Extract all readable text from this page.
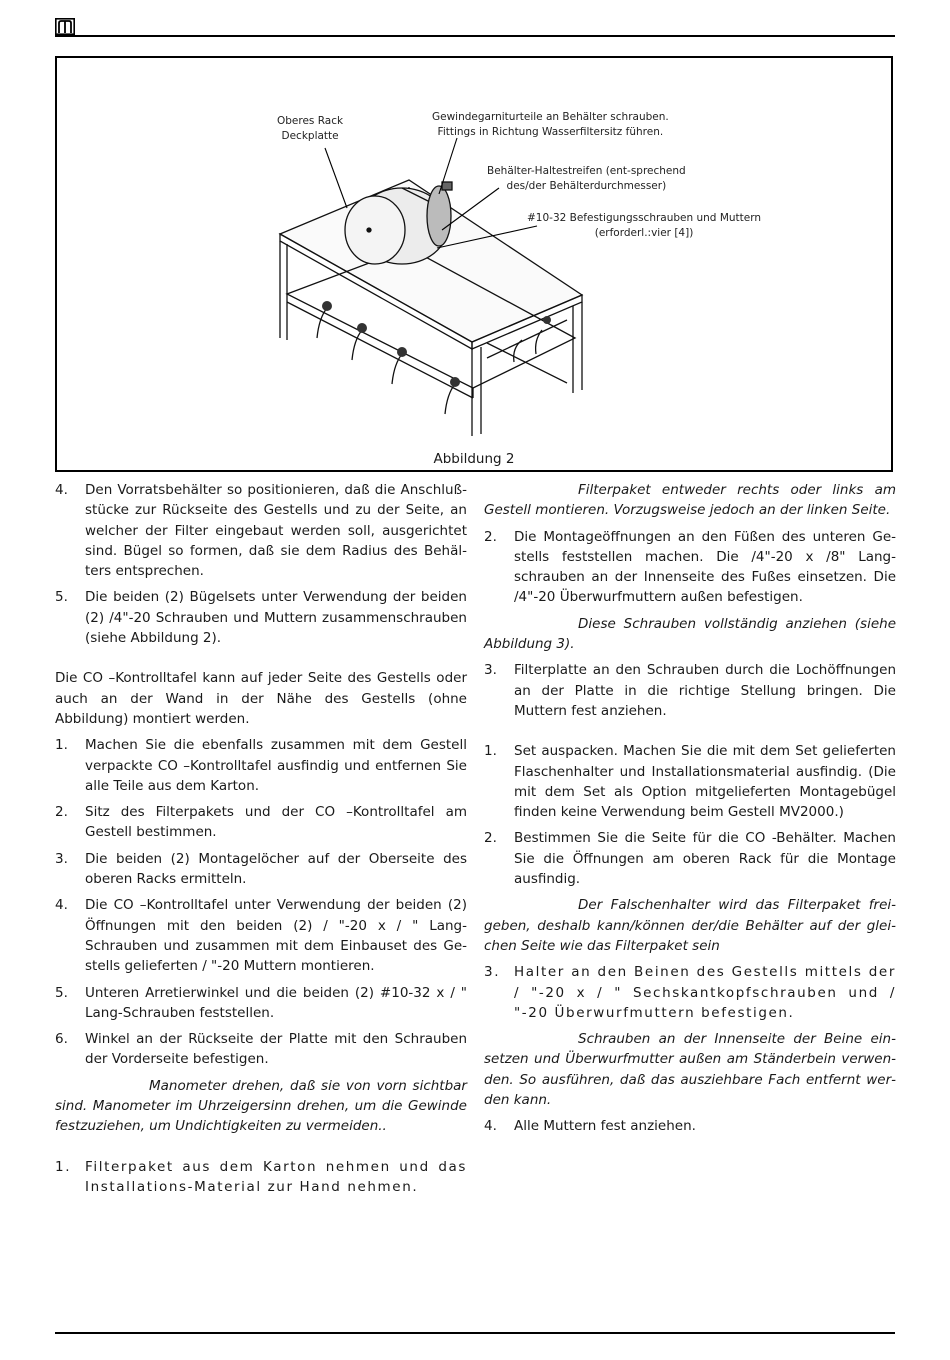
Oberes Rack
Deckplatte
Gewindegarniturteile an Behälter schrauben.
Fittings in Richtung Wasserfiltersitz führen.
Behälter-Haltestreifen (ent-sprechend
des/der Behälterdurchmesser)
#10-32 Befestigungsschrauben und Muttern
(erforderl.:vier [4])
Abbildung 2
4. Den Vorratsbehälter so positionieren, daß die Anschlußstücke zur Rückseite des Gestells und zu der Seite, an welcher der Filter eingebaut werden soll, ausgerichtet sind. Bügel so formen, daß sie dem Radius des Behälters entsprechen.
5. Die beiden (2) Bügelsets unter Verwendung der beiden (2) /4"-20 Schrauben und Muttern zusammenschrauben (siehe Abbildung 2).

Die CO –Kontrolltafel kann auf jeder Seite des Gestells oder auch an der Wand in der Nähe des Gestells (ohne Abbildung) montiert werden.

1. Machen Sie die ebenfalls zusammen mit dem Gestell verpackte CO –Kontrolltafel ausfindig und entfernen Sie alle Teile aus dem Karton.
2. Sitz des Filterpakets und der CO –Kontrolltafel am Gestell bestimmen.
3. Die beiden (2) Montagelöcher auf der Oberseite des oberen Racks ermitteln.
4. Die CO –Kontrolltafel unter Verwendung der beiden (2) Öffnungen mit den beiden (2) / "-20 x / " LangSchrauben und zusammen mit dem Einbauset des Gestells gelieferten / "-20 Muttern montieren.
5. Unteren Arretierwinkel und die beiden (2) #10-32 x / " Lang-Schrauben feststellen.
6. Winkel an der Rückseite der Platte mit den Schrauben der Vorderseite befestigen.

Manometer drehen, daß sie von vorn sichtbar sind. Manometer im Uhrzeigersinn drehen, um die Gewinde festzuziehen, um Undichtigkeiten zu vermeiden..

1. Filterpaket aus dem Karton nehmen und das Installations-Material zur Hand nehmen.

Filterpaket entweder rechts oder links am Gestell montieren. Vorzugsweise jedoch an der linken Seite.

2. Die Montageöffnungen an den Füßen des unteren Gestells feststellen machen. Die /4"-20 x /8" Langschrauben an der Innenseite des Fußes einsetzen. Die /4"-20 Überwurfmuttern außen befestigen.

Diese Schrauben vollständig anziehen (siehe Abbildung 3).

3. Filterplatte an den Schrauben durch die Lochöffnungen an der Platte in die richtige Stellung bringen. Die Muttern fest anziehen.
1. Set auspacken. Machen Sie die mit dem Set gelieferten Flaschenhalter und Installationsmaterial ausfindig. (Die mit dem Set als Option mitgelieferten Montagebügel finden keine Verwendung beim Gestell MV2000.)
2. Bestimmen Sie die Seite für die CO -Behälter. Machen Sie die Öffnungen am oberen Rack für die Montage ausfindig.

Der Falschenhalter wird das Filterpaket freigeben, deshalb kann/können der/die Behälter auf der gleichen Seite wie das Filterpaket sein

3. Halter an den Beinen des Gestells mittels der / "-20 x / " Sechskantkopfschrauben und / "-20 Überwurfmuttern befestigen.

Schrauben an der Innenseite der Beine einsetzen und Überwurfmutter außen am Ständerbein verwenden. So ausführen, daß das ausziehbare Fach entfernt werden kann.

4. Alle Muttern fest anziehen.
